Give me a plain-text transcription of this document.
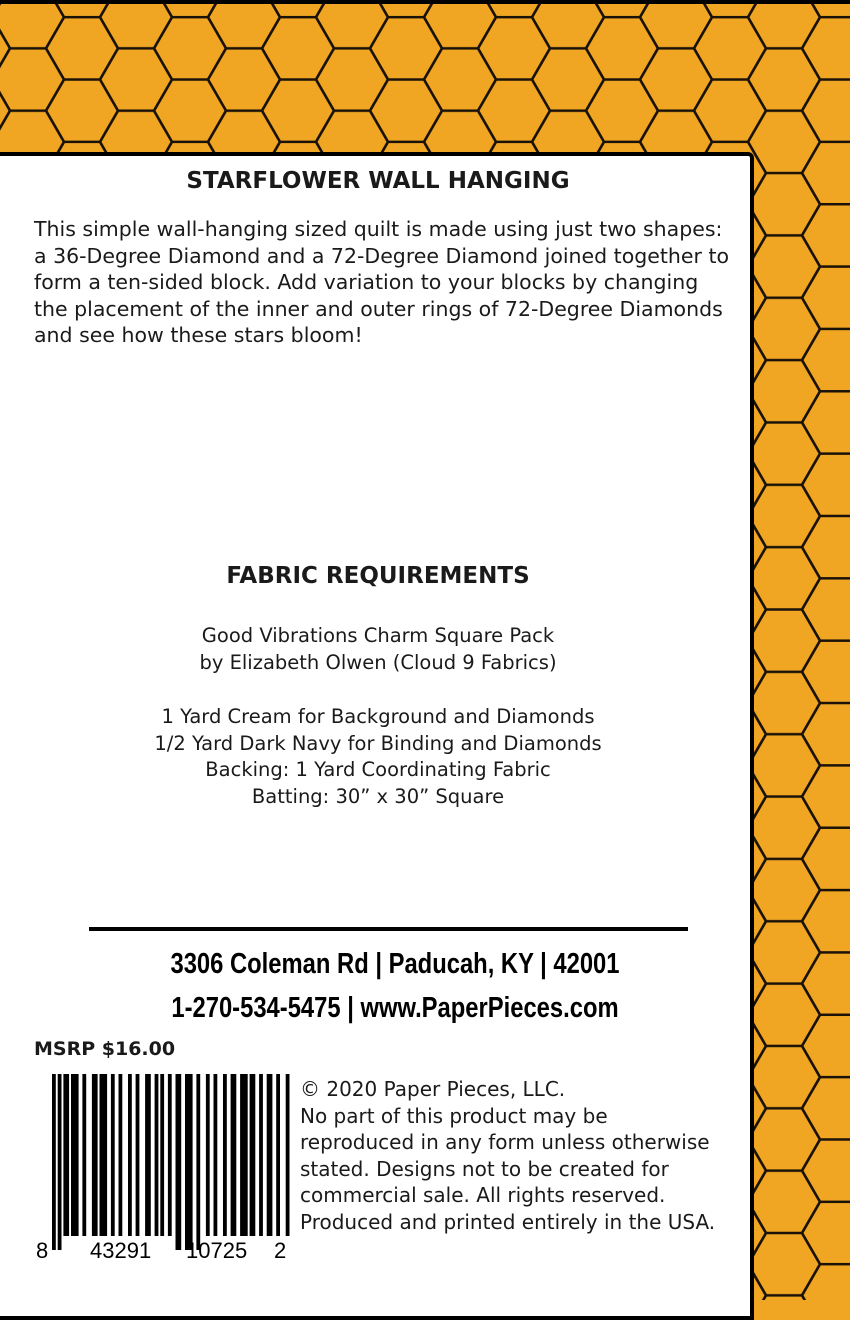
STARFLOWER WALL HANGING
This simple wall-hanging sized quilt is made using just two shapes: a 36-Degree Diamond and a 72-Degree Diamond joined together to form a ten-sided block. Add variation to your blocks by changing the placement of the inner and outer rings of 72-Degree Diamonds and see how these stars bloom!
FABRIC REQUIREMENTS
Good Vibrations Charm Square Pack
by Elizabeth Olwen (Cloud 9 Fabrics)
1 Yard Cream for Background and Diamonds
1/2 Yard Dark Navy for Binding and Diamonds
Backing: 1 Yard Coordinating Fabric
Batting: 30” x 30” Square
3306 Coleman Rd | Paducah, KY | 42001
1-270-534-5475 | www.PaperPieces.com
MSRP $16.00
8 43291 10725 2
© 2020 Paper Pieces, LLC.
No part of this product may be
reproduced in any form unless otherwise
stated. Designs not to be created for
commercial sale. All rights reserved.
Produced and printed entirely in the USA.
